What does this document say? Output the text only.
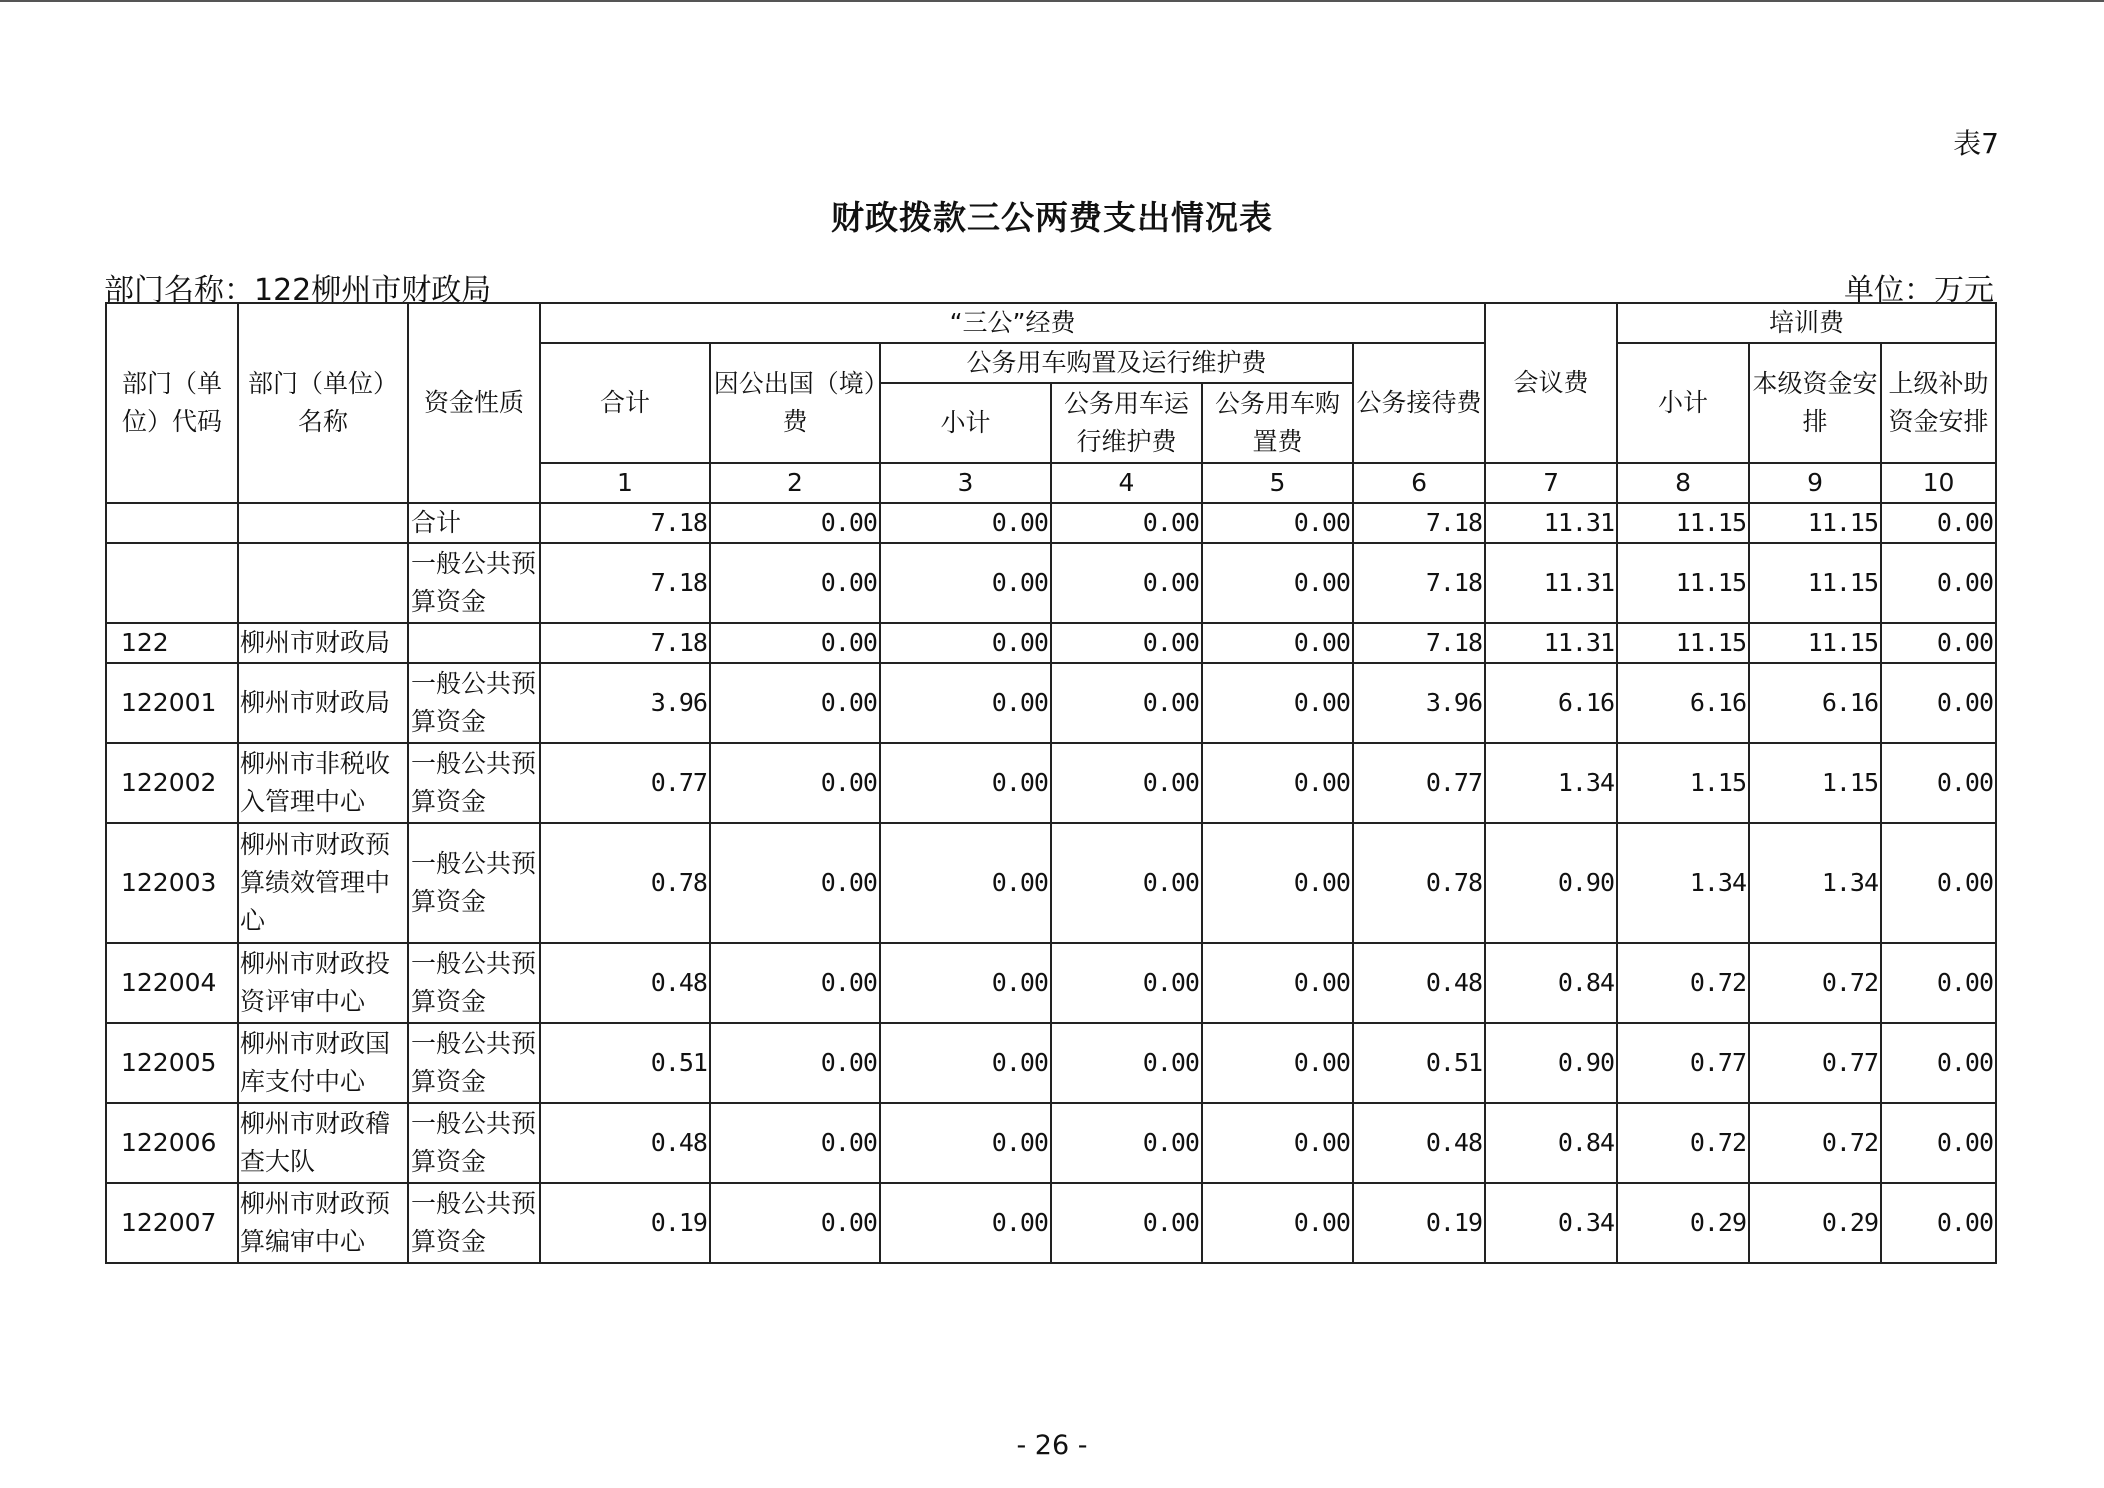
表7
财政拨款三公两费支出情况表
部门名称：122柳州市财政局	单位：万元
部门（单位）代码	部门（单位）名称	资金性质	“三公”经费						会议费	培训费		
			合计	因公出国（境）费	公务用车购置及运行维护费			公务接待费		小计	本级资金安排	上级补助资金安排
					小计	公务用车运行维护费	公务用车购置费					
			1	2	3	4	5	6	7	8	9	10
		合计	7.18	0.00	0.00	0.00	0.00	7.18	11.31	11.15	11.15	0.00
		一般公共预算资金	7.18	0.00	0.00	0.00	0.00	7.18	11.31	11.15	11.15	0.00
122	柳州市财政局		7.18	0.00	0.00	0.00	0.00	7.18	11.31	11.15	11.15	0.00
122001	柳州市财政局	一般公共预算资金	3.96	0.00	0.00	0.00	0.00	3.96	6.16	6.16	6.16	0.00
122002	柳州市非税收入管理中心	一般公共预算资金	0.77	0.00	0.00	0.00	0.00	0.77	1.34	1.15	1.15	0.00
122003	柳州市财政预算绩效管理中心	一般公共预算资金	0.78	0.00	0.00	0.00	0.00	0.78	0.90	1.34	1.34	0.00
122004	柳州市财政投资评审中心	一般公共预算资金	0.48	0.00	0.00	0.00	0.00	0.48	0.84	0.72	0.72	0.00
122005	柳州市财政国库支付中心	一般公共预算资金	0.51	0.00	0.00	0.00	0.00	0.51	0.90	0.77	0.77	0.00
122006	柳州市财政稽查大队	一般公共预算资金	0.48	0.00	0.00	0.00	0.00	0.48	0.84	0.72	0.72	0.00
122007	柳州市财政预算编审中心	一般公共预算资金	0.19	0.00	0.00	0.00	0.00	0.19	0.34	0.29	0.29	0.00
- 26 -
